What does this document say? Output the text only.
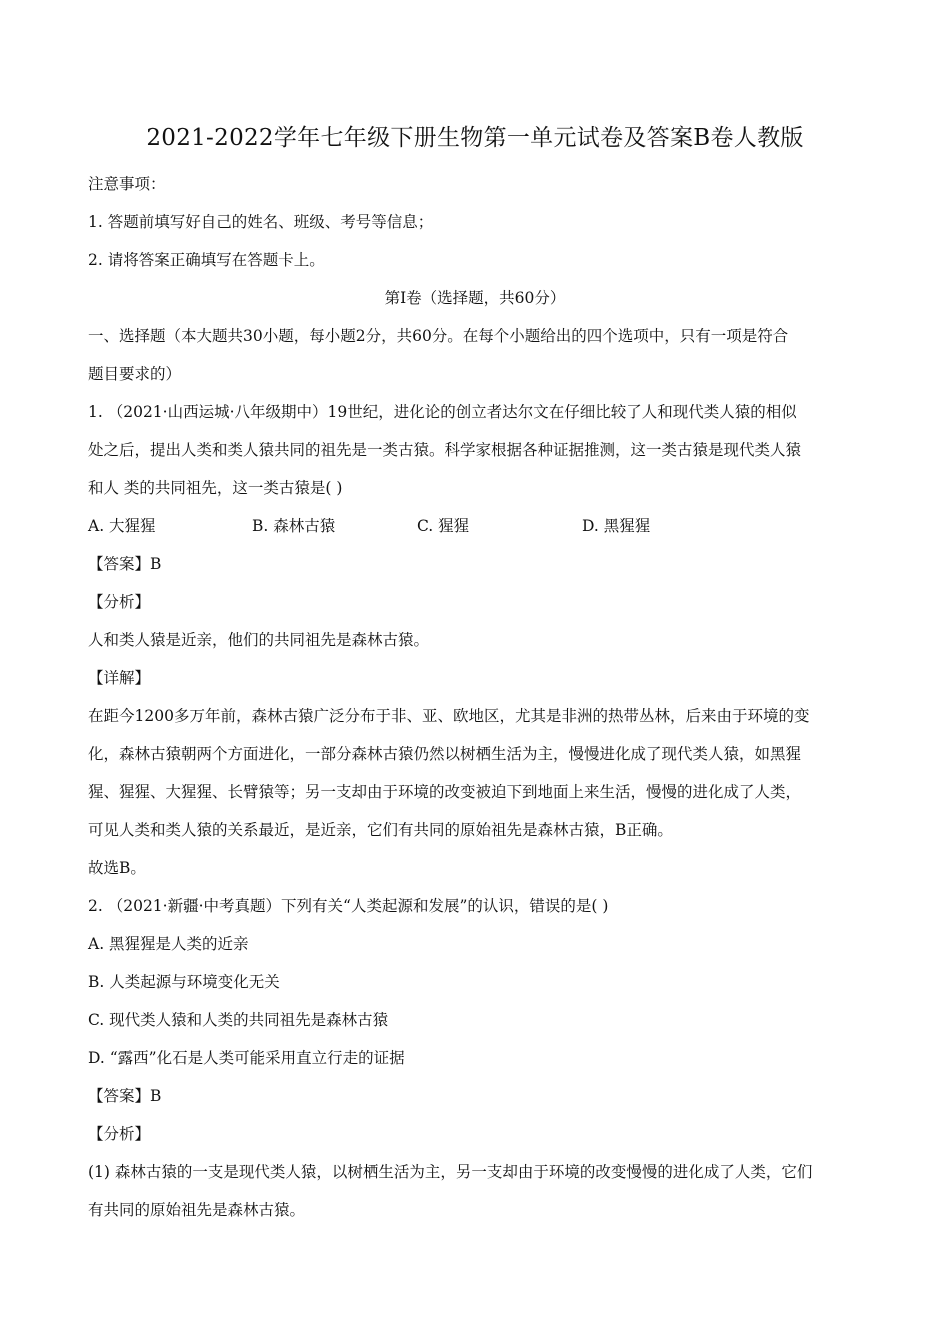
2021-2022学年七年级下册生物第一单元试卷及答案B卷人教版
注意事项：
1. 答题前填写好自己的姓名、班级、考号等信息；
2. 请将答案正确填写在答题卡上。
第I卷（选择题，共60分）
一、选择题（本大题共30小题，每小题2分，共60分。在每个小题给出的四个选项中，只有一项是符合
题目要求的）
1. （2021·山西运城·八年级期中）19世纪，进化论的创立者达尔文在仔细比较了人和现代类人猿的相似
处之后，提出人类和类人猿共同的祖先是一类古猿。科学家根据各种证据推测，这一类古猿是现代类人猿
和人 类的共同祖先，这一类古猿是( )
A. 大猩猩	B. 森林古猿	C. 猩猩	D. 黑猩猩
【答案】B
【分析】
人和类人猿是近亲，他们的共同祖先是森林古猿。
【详解】
在距今1200多万年前，森林古猿广泛分布于非、亚、欧地区，尤其是非洲的热带丛林，后来由于环境的变
化，森林古猿朝两个方面进化，一部分森林古猿仍然以树栖生活为主，慢慢进化成了现代类人猿，如黑猩
猩、猩猩、大猩猩、长臂猿等；另一支却由于环境的改变被迫下到地面上来生活，慢慢的进化成了人类，
可见人类和类人猿的关系最近，是近亲，它们有共同的原始祖先是森林古猿，B正确。
故选B。
2. （2021·新疆·中考真题）下列有关“人类起源和发展”的认识，错误的是( )
A. 黑猩猩是人类的近亲
B. 人类起源与环境变化无关
C. 现代类人猿和人类的共同祖先是森林古猿
D. “露西”化石是人类可能采用直立行走的证据
【答案】B
【分析】
(1) 森林古猿的一支是现代类人猿，以树栖生活为主，另一支却由于环境的改变慢慢的进化成了人类，它们
有共同的原始祖先是森林古猿。
